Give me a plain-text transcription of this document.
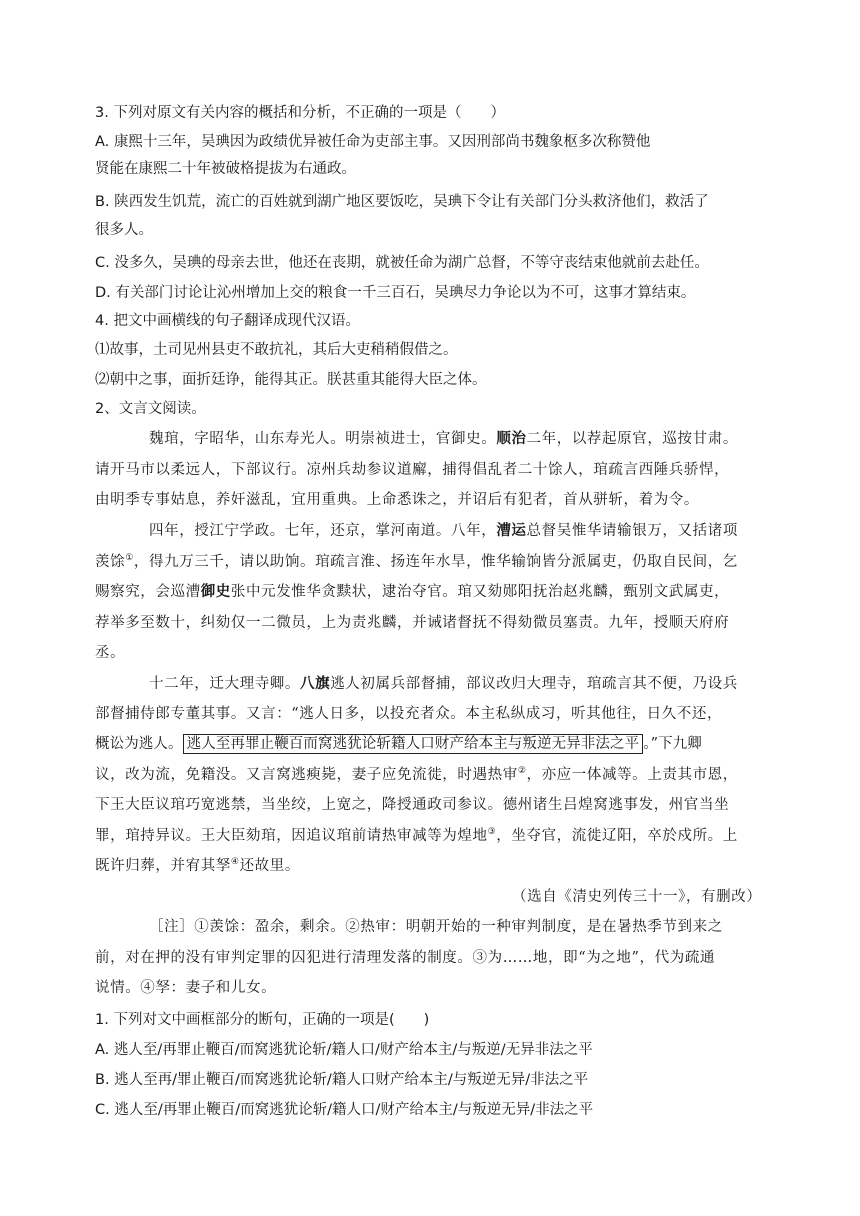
3. 下列对原文有关内容的概括和分析，不正确的一项是（　　）
A. 康熙十三年，吴琠因为政绩优异被任命为吏部主事。又因刑部尚书魏象枢多次称赞他
贤能在康熙二十年被破格提拔为右通政。
B. 陕西发生饥荒，流亡的百姓就到湖广地区要饭吃，吴琠下令让有关部门分头救济他们，救活了
很多人。
C. 没多久，吴琠的母亲去世，他还在丧期，就被任命为湖广总督，不等守丧结束他就前去赴任。
D. 有关部门讨论让沁州增加上交的粮食一千三百石，吴琠尽力争论以为不可，这事才算结束。
4. 把文中画横线的句子翻译成现代汉语。
⑴故事，土司见州县吏不敢抗礼，其后大吏稍稍假借之。
⑵朝中之事，面折廷诤，能得其正。朕甚重其能得大臣之体。
2、文言文阅读。
魏琯，字昭华，山东寿光人。明崇祯进士，官御史。顺治二年，以荐起原官，巡按甘肃。
请开马市以柔远人，下部议行。凉州兵劫参议道廨，捕得倡乱者二十馀人，琯疏言西陲兵骄悍，
由明季专事姑息，养奸滋乱，宜用重典。上命悉诛之，并诏后有犯者，首从骈斩，着为令。
四年，授江宁学政。七年，还京，掌河南道。八年，漕运总督吴惟华请输银万，又括诸项
羡馀①，得九万三千，请以助饷。琯疏言淮、扬连年水旱，惟华输饷皆分派属吏，仍取自民间，乞
赐察究，会巡漕御史张中元发惟华贪黩状，逮治夺官。琯又劾郧阳抚治赵兆麟，甄别文武属吏，
荐举多至数十，纠劾仅一二微员，上为责兆麟，并诫诸督抚不得劾微员塞责。九年，授顺天府府
丞。
十二年，迁大理寺卿。八旗逃人初属兵部督捕，部议改归大理寺，琯疏言其不便，乃设兵
部督捕侍郎专董其事。又言：“逃人日多，以投充者众。本主私纵成习，听其他往，日久不还，
概讼为逃人。 逃人至再罪止鞭百而窝逃犹论斩籍人口财产给本主与叛逆无异非法之平 。”下九卿
议，改为流，免籍没。又言窝逃瘐毙，妻子应免流徙，时遇热审②，亦应一体减等。上责其市恩，
下王大臣议琯巧宽逃禁，当坐绞，上宽之，降授通政司参议。德州诸生吕煌窝逃事发，州官当坐
罪，琯持异议。王大臣劾琯，因追议琯前请热审减等为煌地③，坐夺官，流徙辽阳，卒於戍所。上
既许归葬，并宥其孥④还故里。
（选自《清史列传三十一》，有删改）
［注］①羡馀：盈余，剩余。②热审：明朝开始的一种审判制度，是在暑热季节到来之
前，对在押的没有审判定罪的囚犯进行清理发落的制度。③为……地，即“为之地”，代为疏通
说情。④孥：妻子和儿女。
1. 下列对文中画框部分的断句，正确的一项是(　　)
A. 逃人至/再罪止鞭百/而窝逃犹论斩/籍人口/财产给本主/与叛逆/无异非法之平
B. 逃人至再/罪止鞭百/而窝逃犹论斩/籍人口财产给本主/与叛逆无异/非法之平
C. 逃人至/再罪止鞭百/而窝逃犹论斩/籍人口/财产给本主/与叛逆无异/非法之平
